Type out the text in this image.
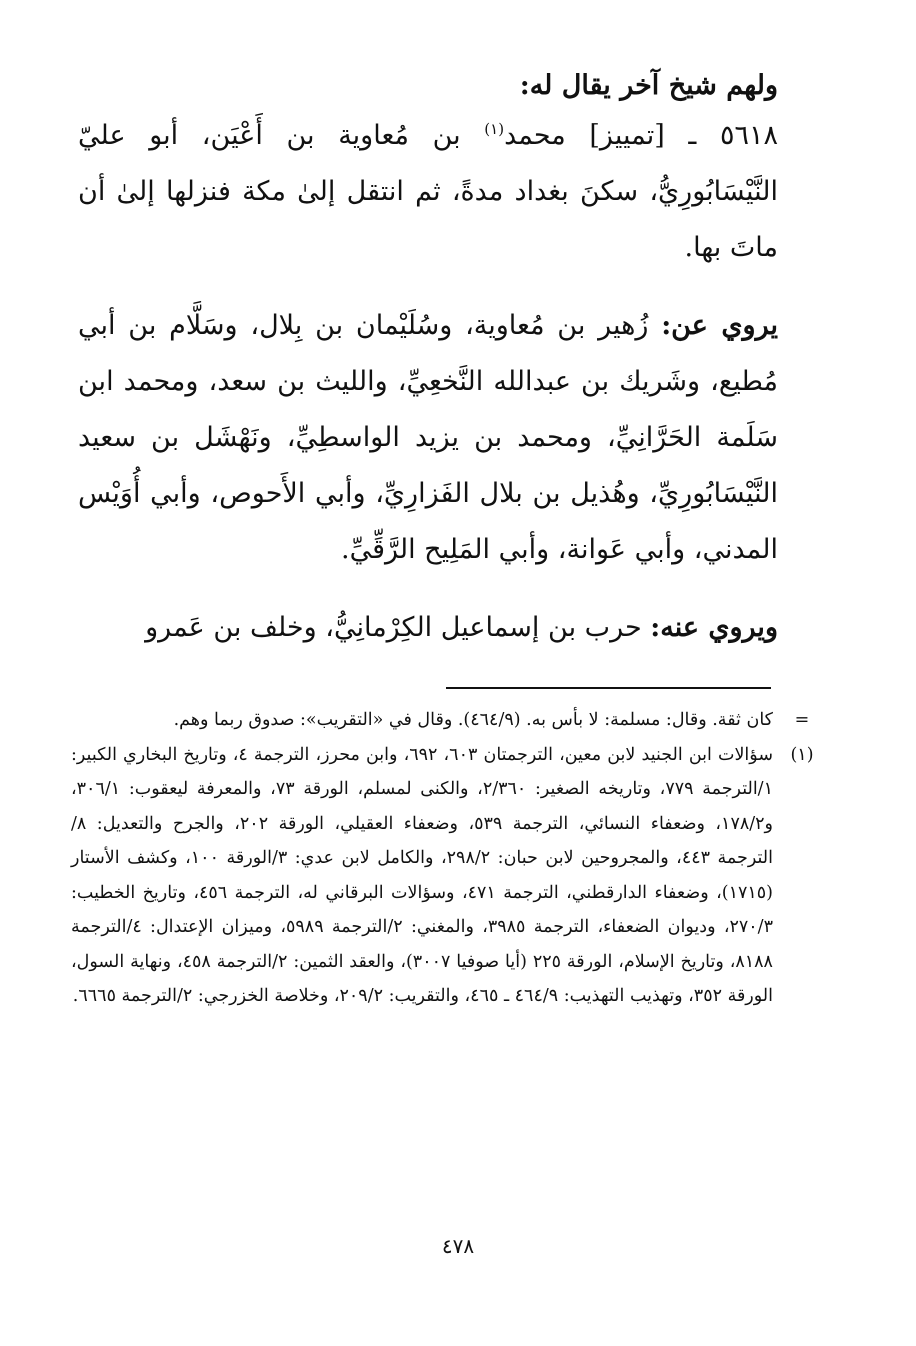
ولهم شيخ آخر يقال له:

٥٦١٨ ـ [تمييز] محمد$^{(١)}$ بن مُعاوية بن أَعْيَن، أبو عليّ النَّيْسَابُورِيُّ، سكنَ بغداد مدةً، ثم انتقل إلىٰ مكة فنزلها إلىٰ أن ماتَ بها.

يروي عن: زُهير بن مُعاوية، وسُلَيْمان بن بِلال، وسَلَّام بن أبي مُطيع، وشَريك بن عبدالله النَّخعِيِّ، والليث بن سعد، ومحمد ابن سَلَمة الحَرَّانِيِّ، ومحمد بن يزيد الواسطِيِّ، ونَهْشَل بن سعيد النَّيْسَابُورِيِّ، وهُذيل بن بلال الفَزارِيِّ، وأبي الأَحوص، وأبي أُوَيْس المدني، وأبي عَوانة، وأبي المَلِيح الرَّقِّيِّ.

ويروي عنه: حرب بن إسماعيل الكِرْمانِيُّ، وخلف بن عَمرو

=
كان ثقة. وقال: مسلمة: لا بأس به. (٤٦٤/٩). وقال في «التقريب»: صدوق ربما وهم.
(١)
سؤالات ابن الجنيد لابن معين، الترجمتان ٦٠٣، ٦٩٢، وابن محرز، الترجمة ٤، وتاريخ البخاري الكبير: ١/الترجمة ٧٧٩، وتاريخه الصغير: ٢/٣٦٠، والكنى لمسلم، الورقة ٧٣، والمعرفة ليعقوب: ٣٠٦/١، و١٧٨/٢، وضعفاء النسائي، الترجمة ٥٣٩، وضعفاء العقيلي، الورقة ٢٠٢، والجرح والتعديل: ٨/الترجمة ٤٤٣، والمجروحين لابن حبان: ٢٩٨/٢، والكامل لابن عدي: ٣/الورقة ١٠٠، وكشف الأستار (١٧١٥)، وضعفاء الدارقطني، الترجمة ٤٧١، وسؤالات البرقاني له، الترجمة ٤٥٦، وتاريخ الخطيب: ٢٧٠/٣، وديوان الضعفاء، الترجمة ٣٩٨٥، والمغني: ٢/الترجمة ٥٩٨٩، وميزان الإعتدال: ٤/الترجمة ٨١٨٨، وتاريخ الإسلام، الورقة ٢٢٥ (أيا صوفيا ٣٠٠٧)، والعقد الثمين: ٢/الترجمة ٤٥٨، ونهاية السول، الورقة ٣٥٢، وتهذيب التهذيب: ٤٦٤/٩ ـ ٤٦٥، والتقريب: ٢٠٩/٢، وخلاصة الخزرجي: ٢/الترجمة ٦٦٦٥.
٤٧٨
